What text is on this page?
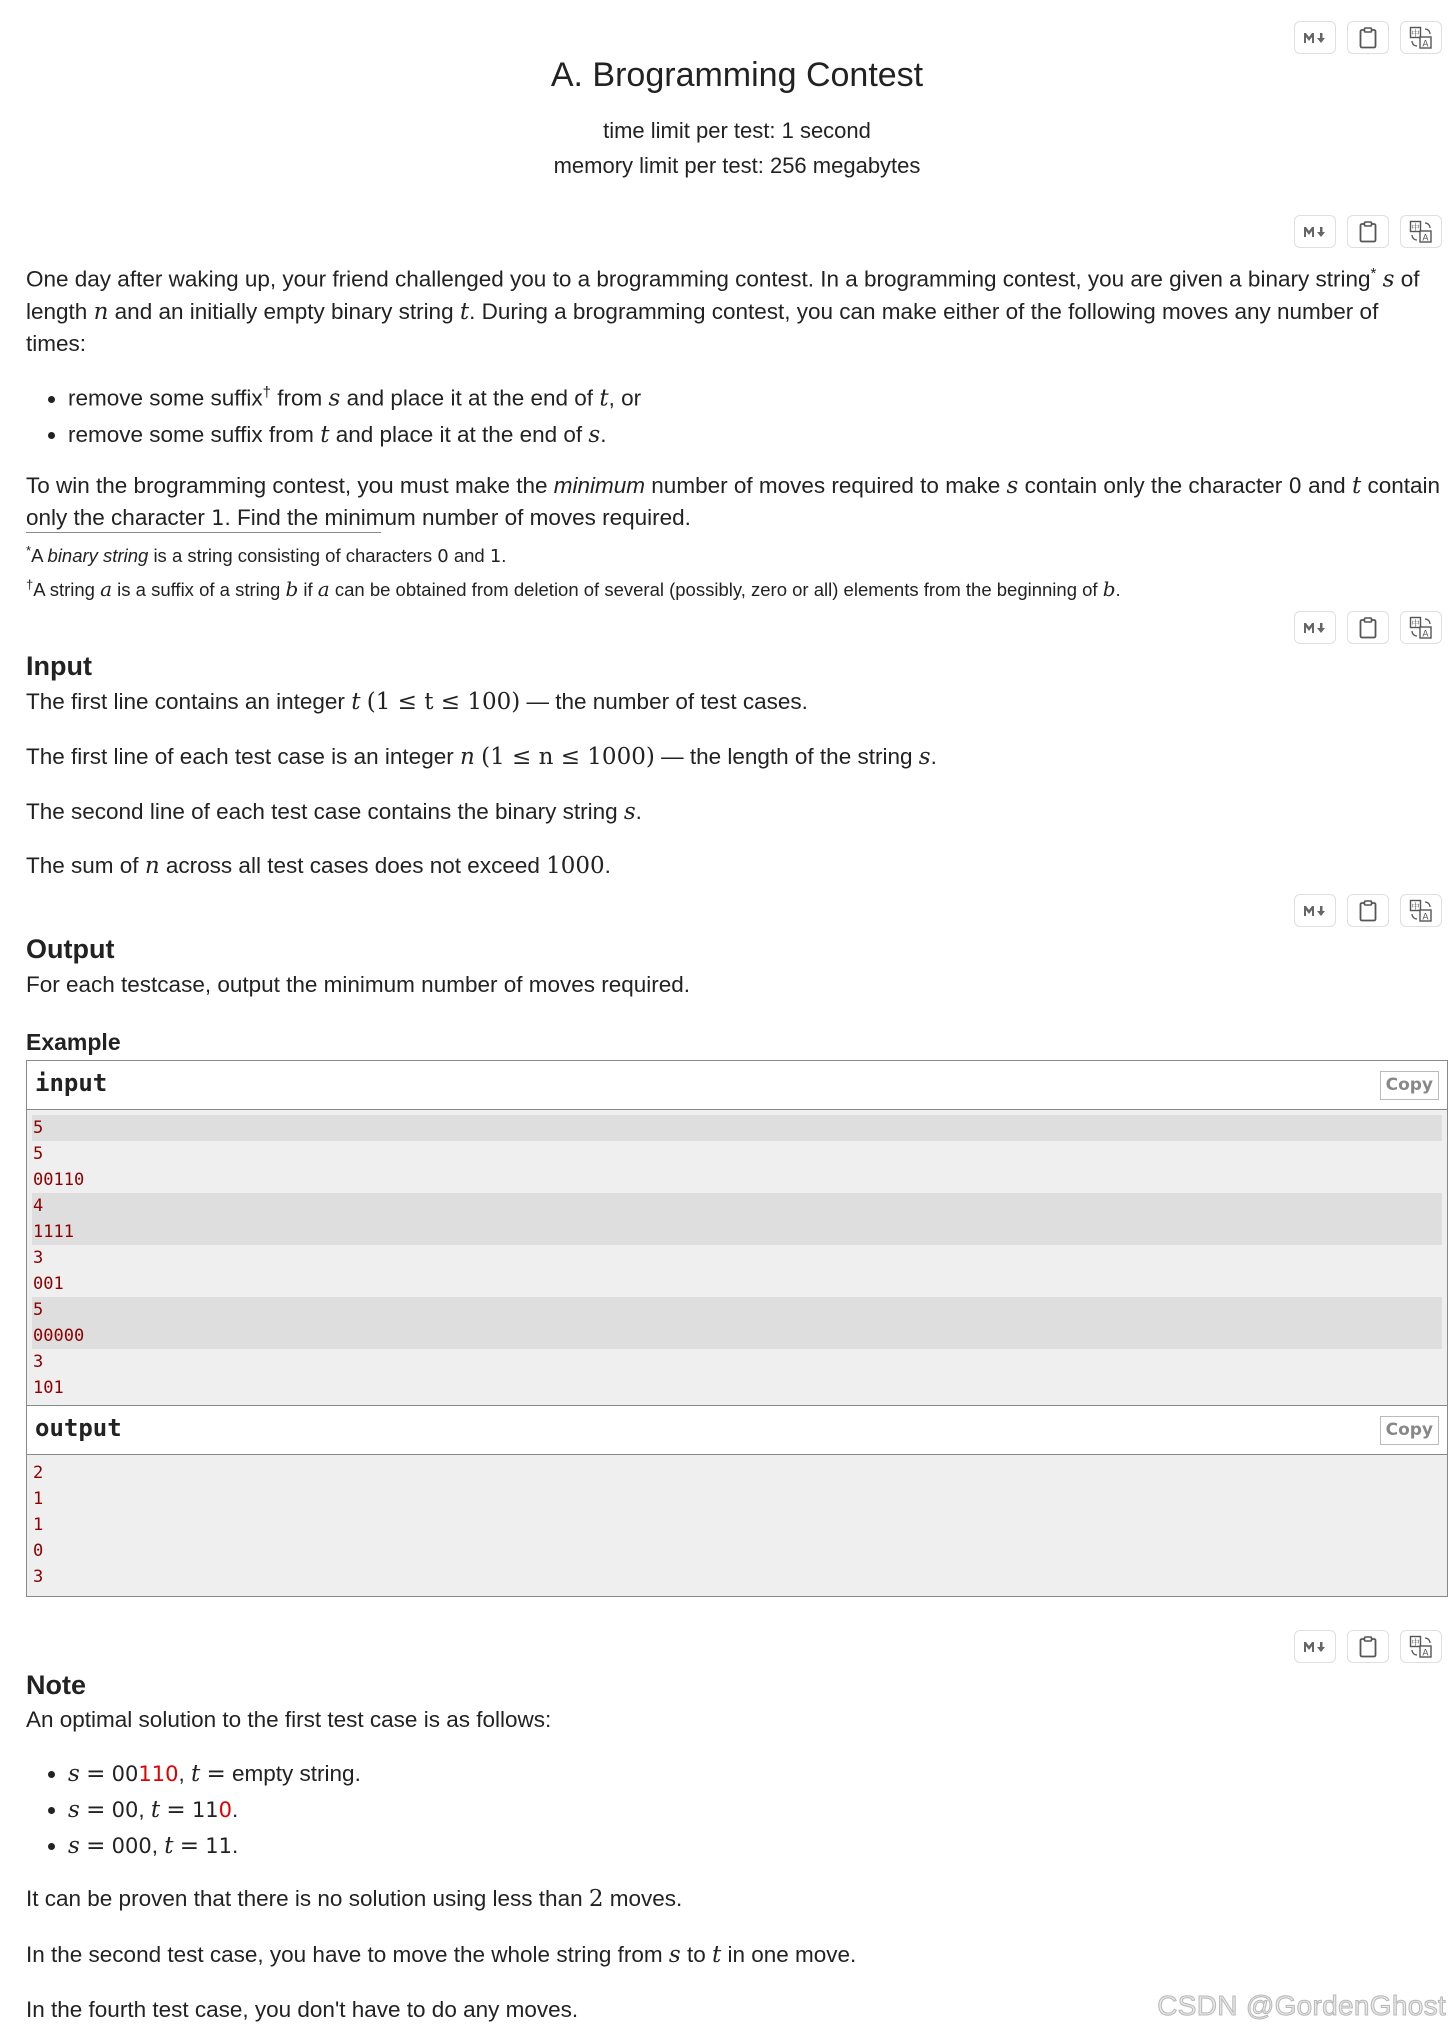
中
A
A. Brogramming Contest
time limit per test: 1 second
memory limit per test: 256 megabytes
中
A
One day after waking up, your friend challenged you to a brogramming contest. In a brogramming contest, you are given a binary string* s of length n and an initially empty binary string t. During a brogramming contest, you can make either of the following moves any number of times:
• remove some suffix† from s and place it at the end of t, or
• remove some suffix from t and place it at the end of s.
To win the brogramming contest, you must make the minimum number of moves required to make s contain only the character 0 and t contain only the character 1. Find the minimum number of moves required.
*A binary string is a string consisting of characters 0 and 1.
†A string a is a suffix of a string b if a can be obtained from deletion of several (possibly, zero or all) elements from the beginning of b.
中
A
Input
The first line contains an integer t (1 ≤ t ≤ 100) — the number of test cases.
The first line of each test case is an integer n (1 ≤ n ≤ 1000) — the length of the string s.
The second line of each test case contains the binary string s.
The sum of n across all test cases does not exceed 1000.
中
A
Output
For each testcase, output the minimum number of moves required.
Example
input	Copy
5
5
00110
4
1111
3
001
5
00000
3
101
output	Copy
2
1
1
0
3
中
A
Note
An optimal solution to the first test case is as follows:
• s = 00110, t = empty string.
• s = 00, t = 110.
• s = 000, t = 11.
It can be proven that there is no solution using less than 2 moves.
In the second test case, you have to move the whole string from s to t in one move.
In the fourth test case, you don't have to do any moves.	CSDN @GordenGhost
